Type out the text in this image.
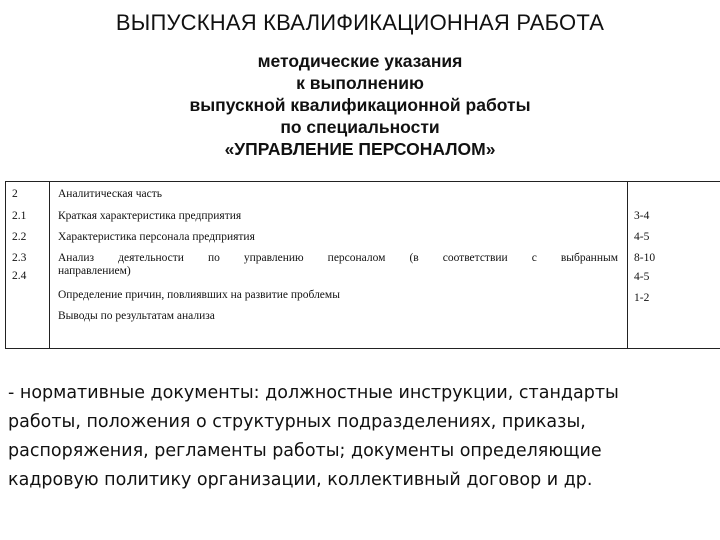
ВЫПУСКНАЯ КВАЛИФИКАЦИОННАЯ РАБОТА
методические указания
к выполнению
выпускной квалификационной работы
по специальности
«УПРАВЛЕНИЕ ПЕРСОНАЛОМ»
2
2.1
2.2
2.3
2.4
Аналитическая часть
Краткая характеристика предприятия
Характеристика персонала предприятия
Анализ деятельности по управлению персоналом (в соответствии с выбранным
направлением)
Определение причин, повлиявших на развитие проблемы
Выводы по результатам анализа
3-4
4-5
8-10
4-5
1-2
- нормативные документы: должностные инструкции, стандарты
работы, положения о структурных подразделениях, приказы,
распоряжения, регламенты работы; документы определяющие
кадровую политику организации, коллективный договор и др.
